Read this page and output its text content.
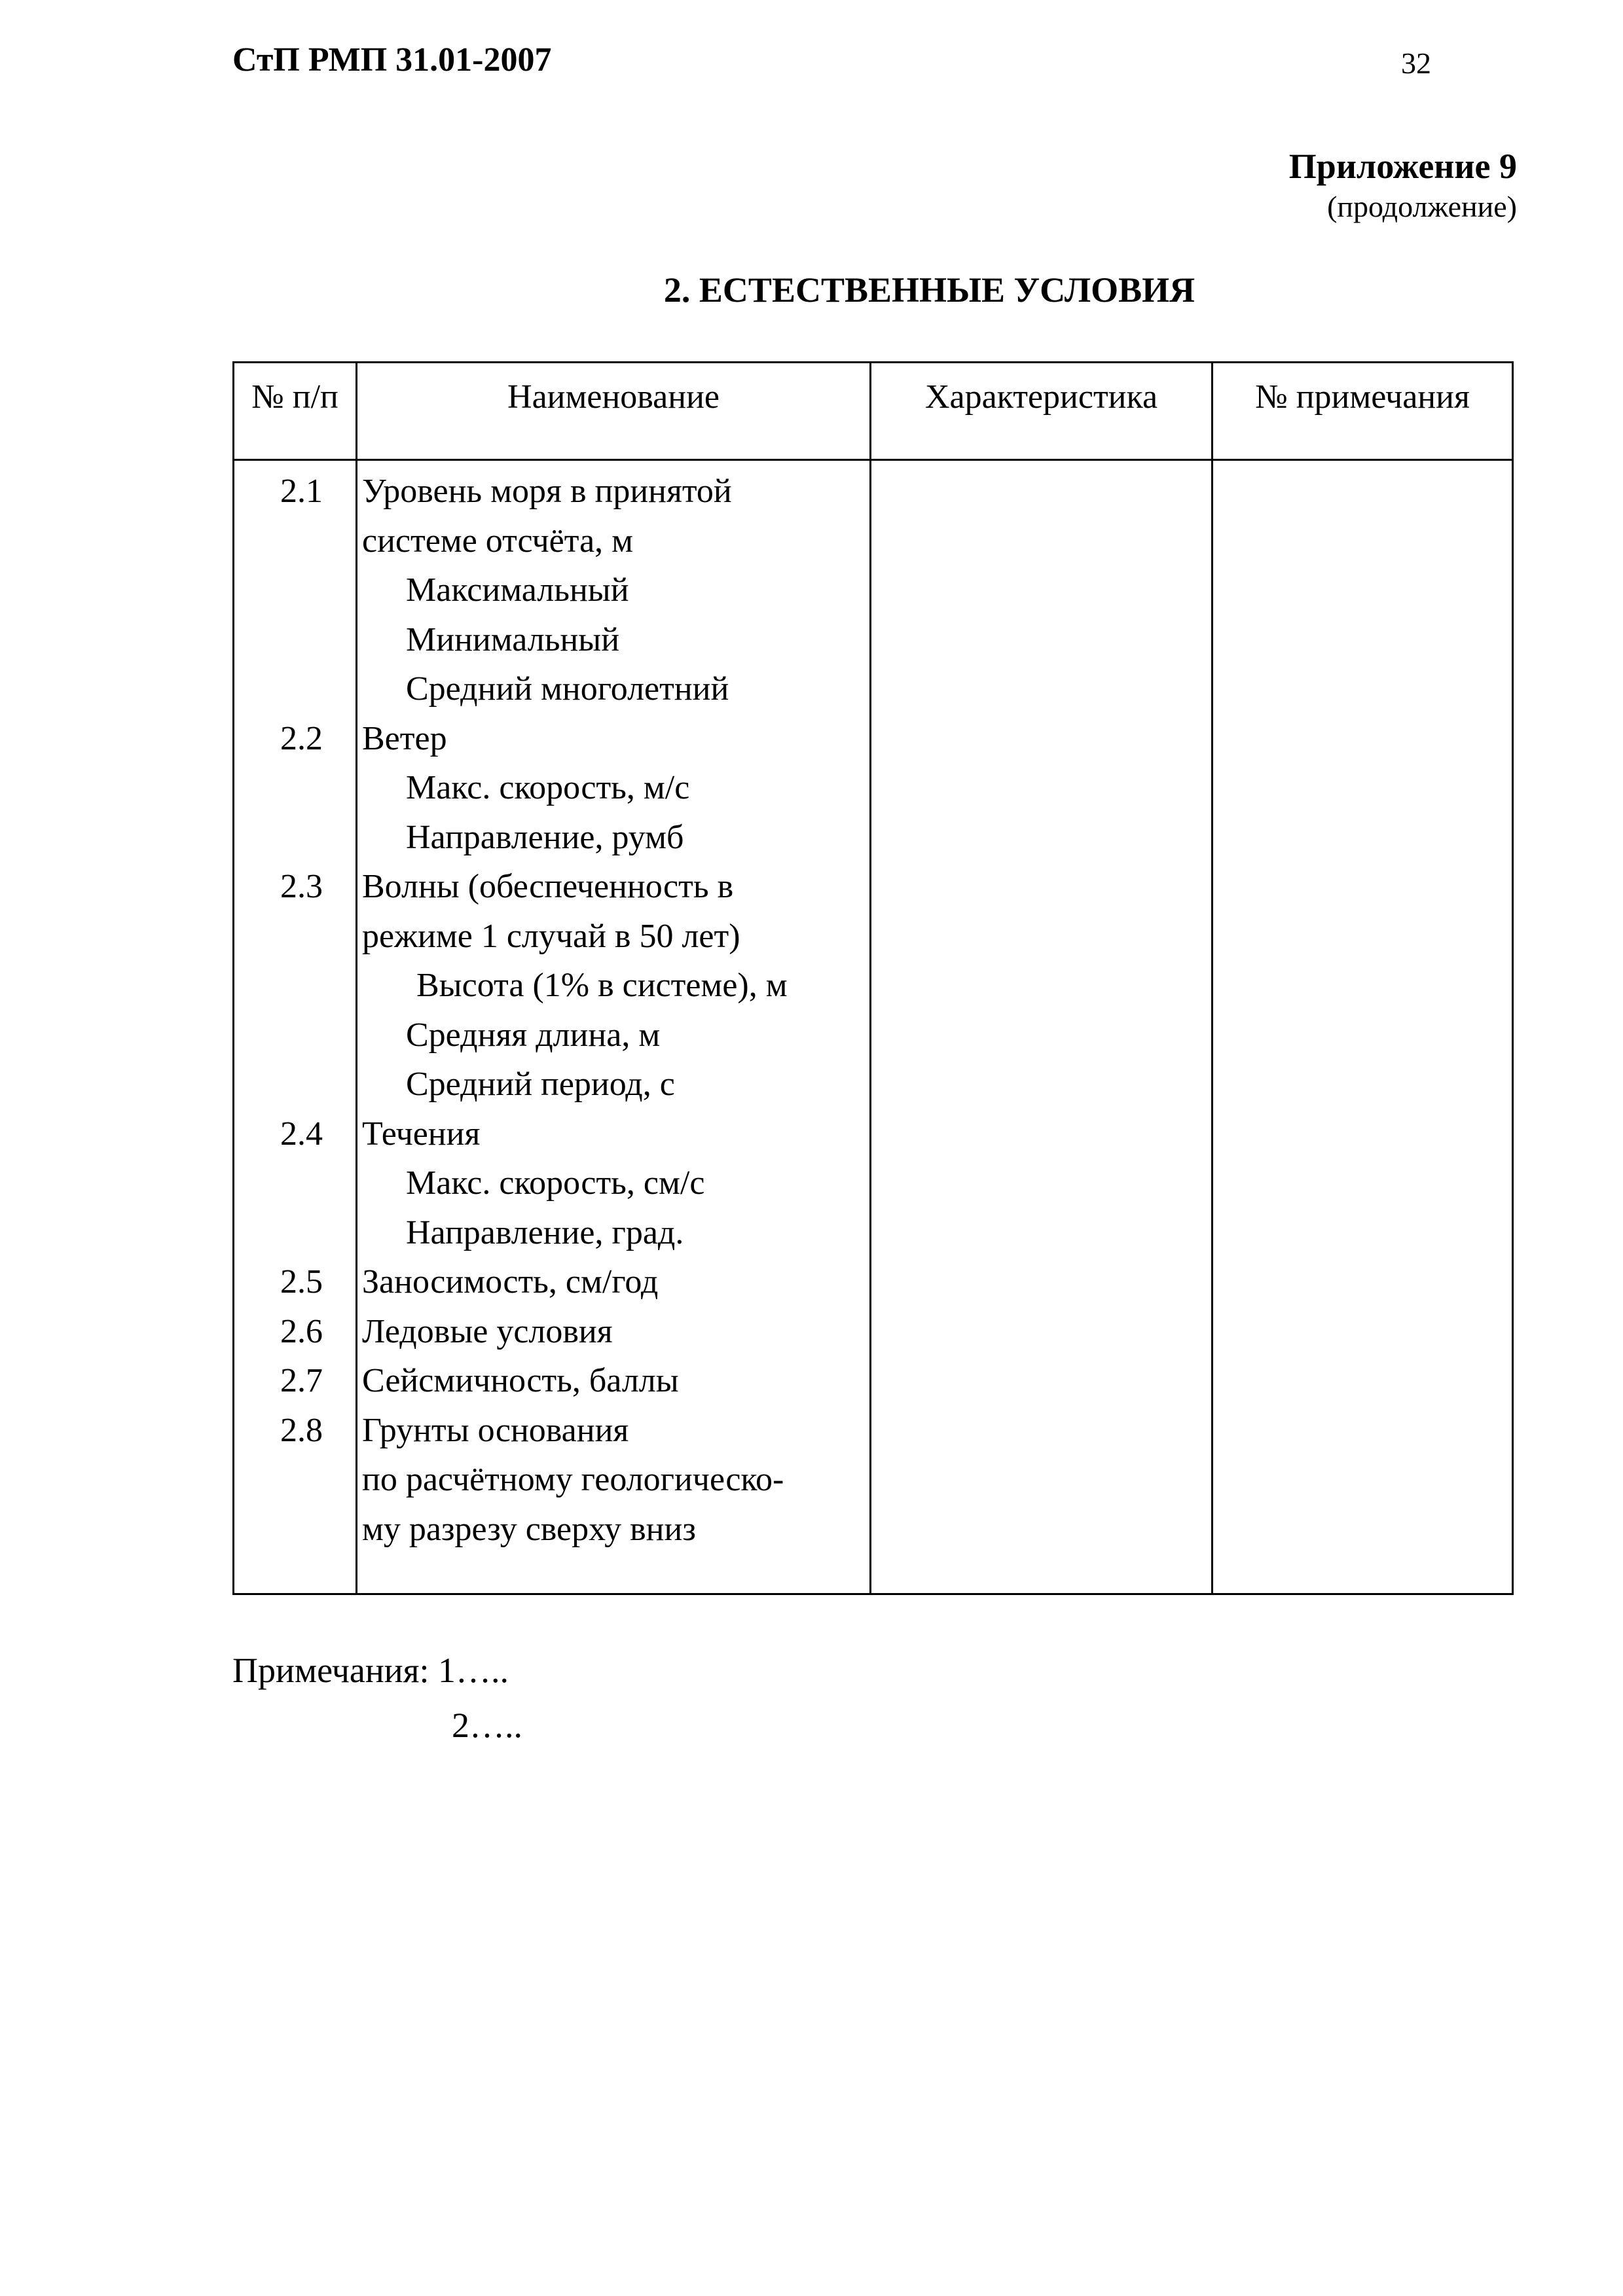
СтП РМП 31.01-2007	32
Приложение 9
(продолжение)
2. ЕСТЕСТВЕННЫЕ УСЛОВИЯ
№ п/п	Наименование	Характеристика	№ примечания
2.1	Уровень моря в принятой
системе отсчёта, м
Максимальный
Минимальный
Средний многолетний
2.2	Ветер
Макс. скорость, м/с
Направление, румб
2.3	Волны (обеспеченность в
режиме 1 случай в 50 лет)
Высота (1% в системе), м
Средняя длина, м
Средний период, с
2.4	Течения
Макс. скорость, см/с
Направление, град.
2.5	Заносимость, см/год
2.6	Ледовые условия
2.7	Сейсмичность, баллы
2.8	Грунты основания
по расчётному геологическо-
му разрезу сверху вниз
Примечания: 1…..
2…..
